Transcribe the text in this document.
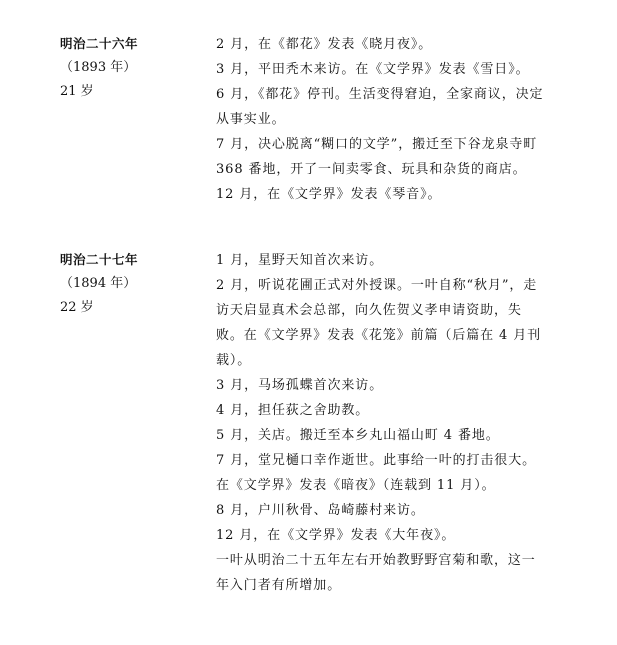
明治二十六年
（1893 年）
21 岁

2 月，在《都花》发表《晓月夜》。

3 月，平田秃木来访。在《文学界》发表《雪日》。

6 月，《都花》停刊。生活变得窘迫，全家商议，决定

从事实业。

7 月，决心脱离“糊口的文学”，搬迁至下谷龙泉寺町

368 番地，开了一间卖零食、玩具和杂货的商店。

12 月，在《文学界》发表《琴音》。

明治二十七年
（1894 年）
22 岁

1 月，星野天知首次来访。

2 月，听说花圃正式对外授课。一叶自称“秋月”，走

访天启显真术会总部，向久佐贺义孝申请资助，失

败。在《文学界》发表《花笼》前篇（后篇在 4 月刊

载）。

3 月，马场孤蝶首次来访。

4 月，担任荻之舍助教。

5 月，关店。搬迁至本乡丸山福山町 4 番地。

7 月，堂兄樋口幸作逝世。此事给一叶的打击很大。

在《文学界》发表《暗夜》（连载到 11 月）。

8 月，户川秋骨、岛崎藤村来访。

12 月，在《文学界》发表《大年夜》。

一叶从明治二十五年左右开始教野野宫菊和歌，这一

年入门者有所增加。
